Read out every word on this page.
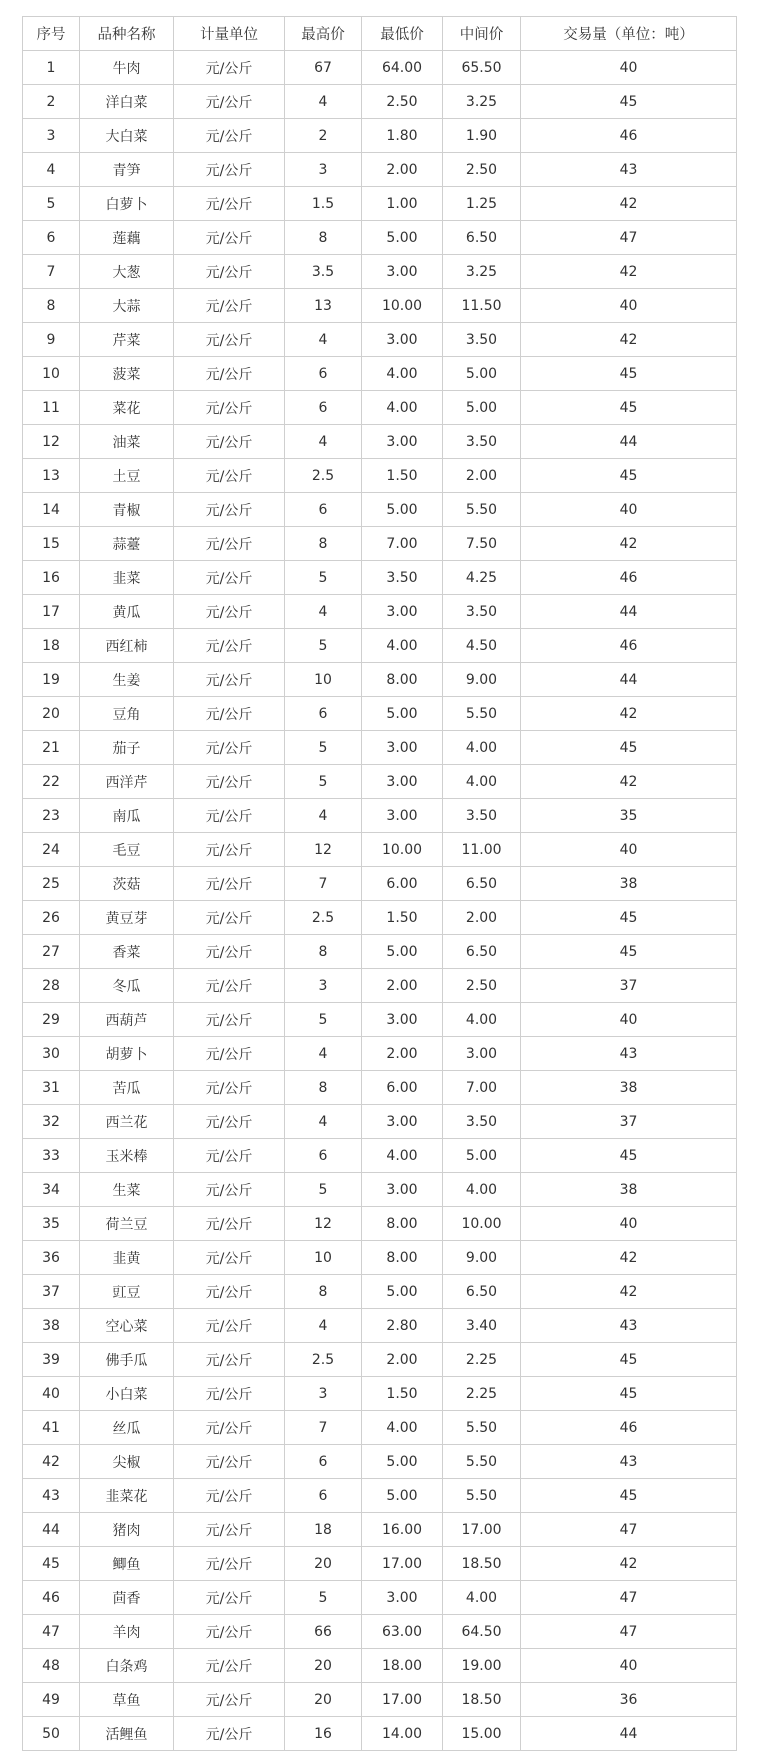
序号	品种名称	计量单位	最高价	最低价	中间价	交易量（单位：吨）
1	牛肉	元/公斤	67	64.00	65.50	40
2	洋白菜	元/公斤	4	2.50	3.25	45
3	大白菜	元/公斤	2	1.80	1.90	46
4	青笋	元/公斤	3	2.00	2.50	43
5	白萝卜	元/公斤	1.5	1.00	1.25	42
6	莲藕	元/公斤	8	5.00	6.50	47
7	大葱	元/公斤	3.5	3.00	3.25	42
8	大蒜	元/公斤	13	10.00	11.50	40
9	芹菜	元/公斤	4	3.00	3.50	42
10	菠菜	元/公斤	6	4.00	5.00	45
11	菜花	元/公斤	6	4.00	5.00	45
12	油菜	元/公斤	4	3.00	3.50	44
13	土豆	元/公斤	2.5	1.50	2.00	45
14	青椒	元/公斤	6	5.00	5.50	40
15	蒜薹	元/公斤	8	7.00	7.50	42
16	韭菜	元/公斤	5	3.50	4.25	46
17	黄瓜	元/公斤	4	3.00	3.50	44
18	西红柿	元/公斤	5	4.00	4.50	46
19	生姜	元/公斤	10	8.00	9.00	44
20	豆角	元/公斤	6	5.00	5.50	42
21	茄子	元/公斤	5	3.00	4.00	45
22	西洋芹	元/公斤	5	3.00	4.00	42
23	南瓜	元/公斤	4	3.00	3.50	35
24	毛豆	元/公斤	12	10.00	11.00	40
25	茨菇	元/公斤	7	6.00	6.50	38
26	黄豆芽	元/公斤	2.5	1.50	2.00	45
27	香菜	元/公斤	8	5.00	6.50	45
28	冬瓜	元/公斤	3	2.00	2.50	37
29	西葫芦	元/公斤	5	3.00	4.00	40
30	胡萝卜	元/公斤	4	2.00	3.00	43
31	苦瓜	元/公斤	8	6.00	7.00	38
32	西兰花	元/公斤	4	3.00	3.50	37
33	玉米棒	元/公斤	6	4.00	5.00	45
34	生菜	元/公斤	5	3.00	4.00	38
35	荷兰豆	元/公斤	12	8.00	10.00	40
36	韭黄	元/公斤	10	8.00	9.00	42
37	豇豆	元/公斤	8	5.00	6.50	42
38	空心菜	元/公斤	4	2.80	3.40	43
39	佛手瓜	元/公斤	2.5	2.00	2.25	45
40	小白菜	元/公斤	3	1.50	2.25	45
41	丝瓜	元/公斤	7	4.00	5.50	46
42	尖椒	元/公斤	6	5.00	5.50	43
43	韭菜花	元/公斤	6	5.00	5.50	45
44	猪肉	元/公斤	18	16.00	17.00	47
45	鲫鱼	元/公斤	20	17.00	18.50	42
46	茴香	元/公斤	5	3.00	4.00	47
47	羊肉	元/公斤	66	63.00	64.50	47
48	白条鸡	元/公斤	20	18.00	19.00	40
49	草鱼	元/公斤	20	17.00	18.50	36
50	活鲤鱼	元/公斤	16	14.00	15.00	44
